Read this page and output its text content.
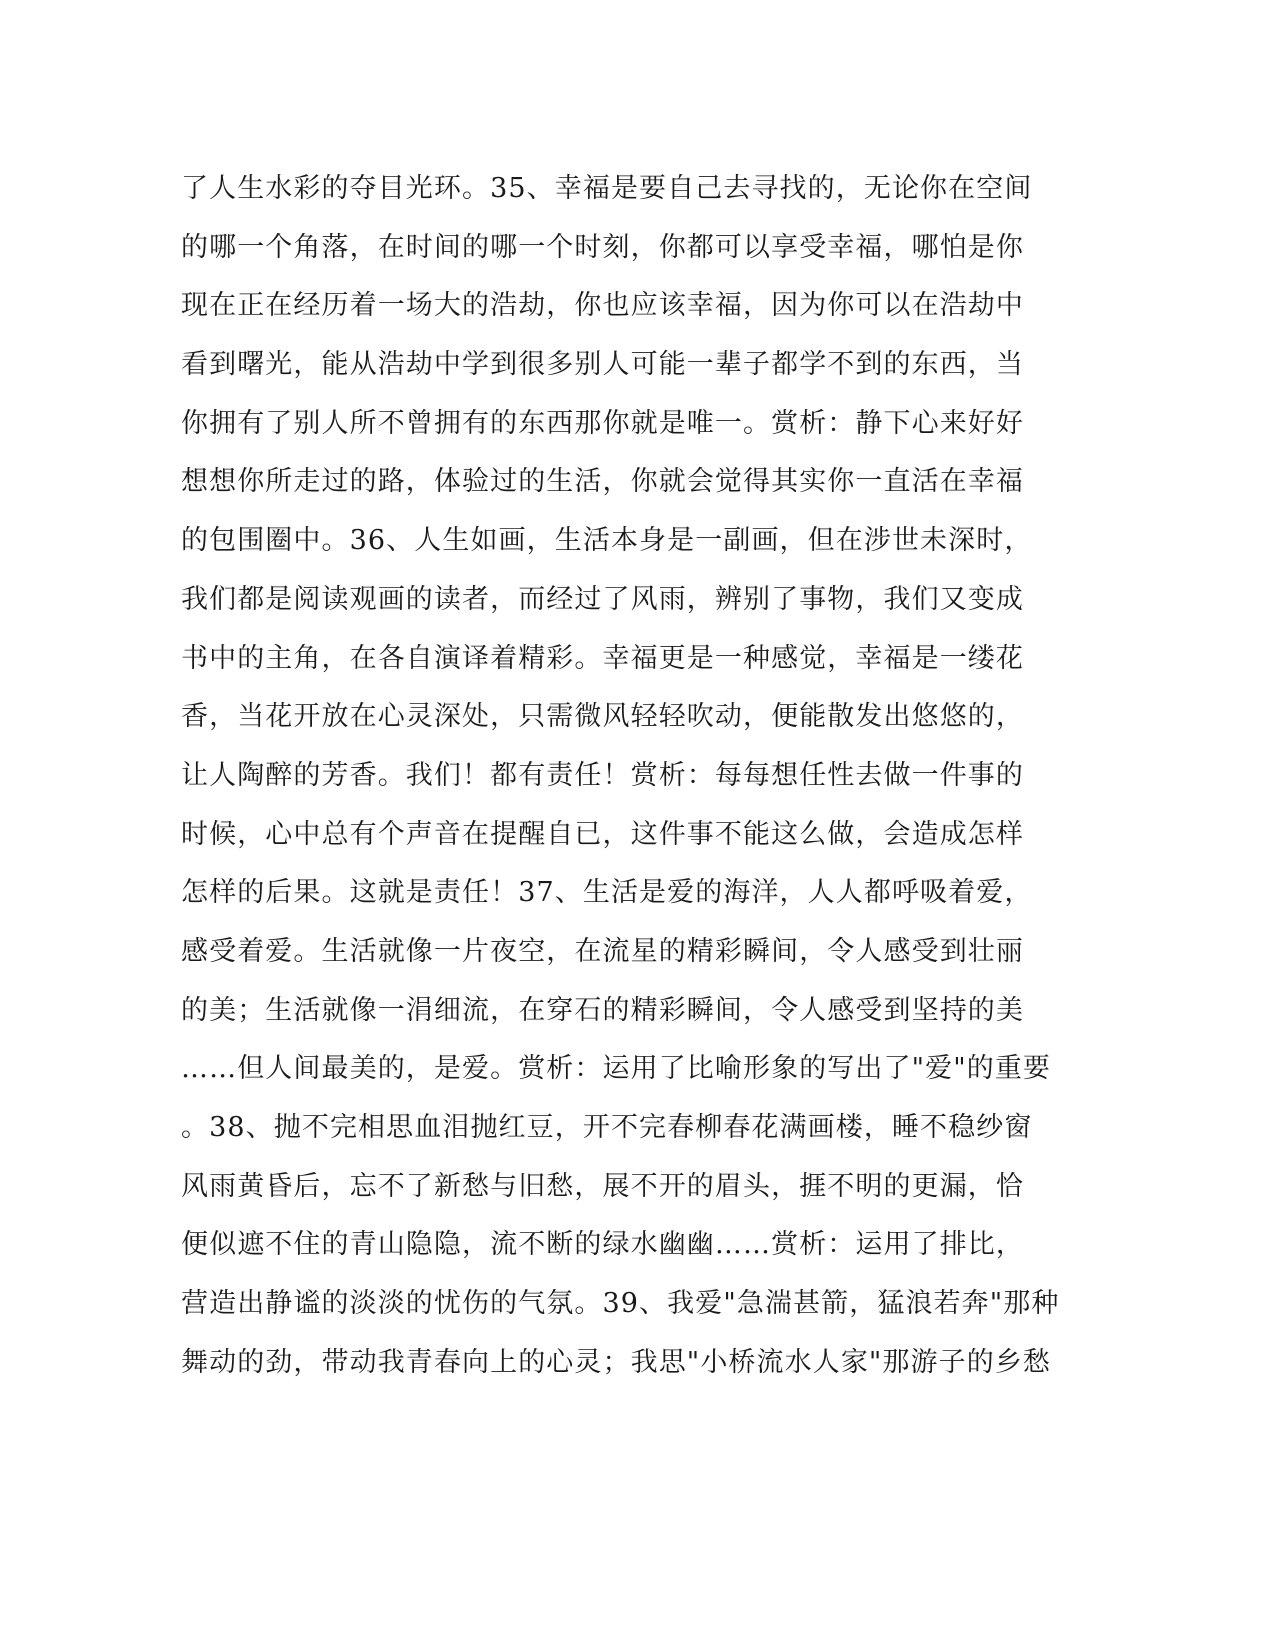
了人生水彩的夺目光环。35、幸福是要自己去寻找的，无论你在空间
的哪一个角落，在时间的哪一个时刻，你都可以享受幸福，哪怕是你
现在正在经历着一场大的浩劫，你也应该幸福，因为你可以在浩劫中
看到曙光，能从浩劫中学到很多别人可能一辈子都学不到的东西，当
你拥有了别人所不曾拥有的东西那你就是唯一。赏析：静下心来好好
想想你所走过的路，体验过的生活，你就会觉得其实你一直活在幸福
的包围圈中。36、人生如画，生活本身是一副画，但在涉世未深时，
我们都是阅读观画的读者，而经过了风雨，辨别了事物，我们又变成
书中的主角，在各自演译着精彩。幸福更是一种感觉，幸福是一缕花
香，当花开放在心灵深处，只需微风轻轻吹动，便能散发出悠悠的，
让人陶醉的芳香。我们！都有责任！赏析：每每想任性去做一件事的
时候，心中总有个声音在提醒自已，这件事不能这么做，会造成怎样
怎样的后果。这就是责任！37、生活是爱的海洋，人人都呼吸着爱，
感受着爱。生活就像一片夜空，在流星的精彩瞬间，令人感受到壮丽
的美；生活就像一涓细流，在穿石的精彩瞬间，令人感受到坚持的美
……但人间最美的，是爱。赏析：运用了比喻形象的写出了"爱"的重要
。38、抛不完相思血泪抛红豆，开不完春柳春花满画楼，睡不稳纱窗
风雨黄昏后，忘不了新愁与旧愁，展不开的眉头，捱不明的更漏，恰
便似遮不住的青山隐隐，流不断的绿水幽幽……赏析：运用了排比，
营造出静谧的淡淡的忧伤的气氛。39、我爱"急湍甚箭，猛浪若奔"那种
舞动的劲，带动我青春向上的心灵；我思"小桥流水人家"那游子的乡愁
